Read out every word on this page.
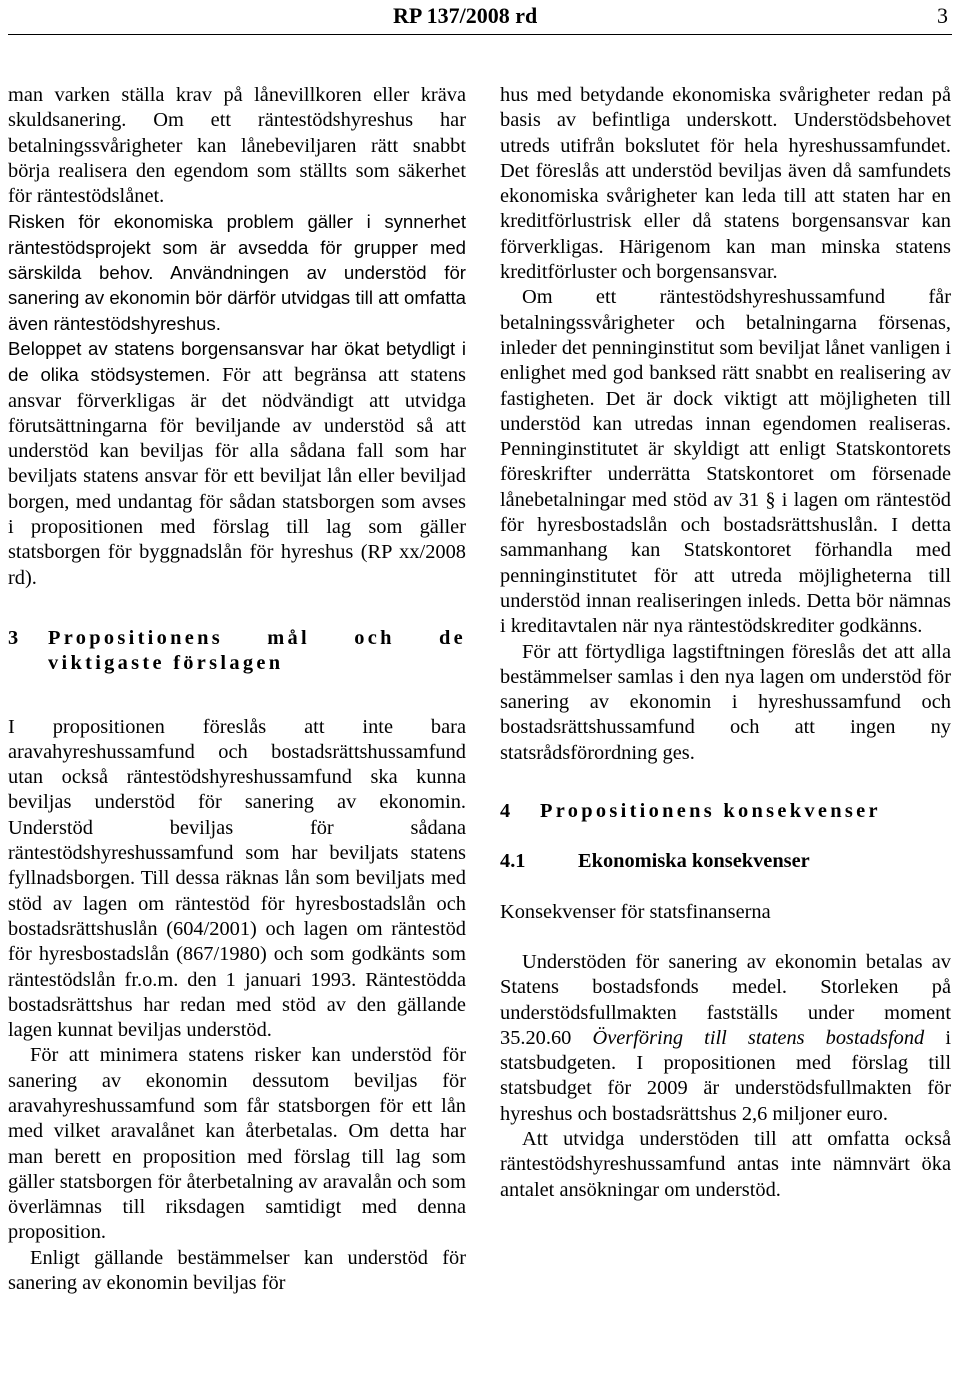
RP 137/2008 rd	3

man varken ställa krav på lånevillkoren eller kräva skuldsanering. Om ett räntestödshyreshus har betalningssvårigheter kan lånebeviljaren rätt snabbt börja realisera den egendom som ställts som säkerhet för räntestödslånet.

Risken för ekonomiska problem gäller i synnerhet räntestödsprojekt som är avsedda för grupper med särskilda behov. Användningen av understöd för sanering av ekonomin bör därför utvidgas till att omfatta även räntestödshyreshus.

Beloppet av statens borgensansvar har ökat betydligt i de olika stödsystemen. För att begränsa att statens ansvar förverkligas är det nödvändigt att utvidga förutsättningarna för beviljande av understöd så att understöd kan beviljas för alla sådana fall som har beviljats statens ansvar för ett beviljat lån eller beviljad borgen, med undantag för sådan statsborgen som avses i propositionen med förslag till lag som gäller statsborgen för byggnadslån för hyreshus (RP xx/2008 rd).

3 Propositionens mål och de viktigaste förslagen

I propositionen föreslås att inte bara aravahyreshussamfund och bostadsrättshussamfund utan också räntestödshyreshussamfund ska kunna beviljas understöd för sanering av ekonomin. Understöd beviljas för sådana räntestödshyreshussamfund som har beviljats statens fyllnadsborgen. Till dessa räknas lån som beviljats med stöd av lagen om räntestöd för hyresbostadslån och bostadsrättshuslån (604/2001) och lagen om räntestöd för hyresbostadslån (867/1980) och som godkänts som räntestödslån fr.o.m. den 1 januari 1993. Räntestödda bostadsrättshus har redan med stöd av den gällande lagen kunnat beviljas understöd.

För att minimera statens risker kan understöd för sanering av ekonomin dessutom beviljas för aravahyreshussamfund som får statsborgen för ett lån med vilket aravalånet kan återbetalas. Om detta har man berett en proposition med förslag till lag som gäller statsborgen för återbetalning av aravalån och som överlämnas till riksdagen samtidigt med denna proposition.

Enligt gällande bestämmelser kan understöd för sanering av ekonomin beviljas för

hus med betydande ekonomiska svårigheter redan på basis av befintliga underskott. Understödsbehovet utreds utifrån bokslutet för hela hyreshussamfundet. Det föreslås att understöd beviljas även då samfundets ekonomiska svårigheter kan leda till att staten har en kreditförlustrisk eller då statens borgensansvar kan förverkligas. Härigenom kan man minska statens kreditförluster och borgensansvar.

Om ett räntestödshyreshussamfund får betalningssvårigheter och betalningarna försenas, inleder det penninginstitut som beviljat lånet vanligen i enlighet med god banksed rätt snabbt en realisering av fastigheten. Det är dock viktigt att möjligheten till understöd kan utredas innan egendomen realiseras. Penninginstitutet är skyldigt att enligt Statskontorets föreskrifter underrätta Statskontoret om försenade lånebetalningar med stöd av 31 § i lagen om räntestöd för hyresbostadslån och bostadsrättshuslån. I detta sammanhang kan Statskontoret förhandla med penninginstitutet för att utreda möjligheterna till understöd innan realiseringen inleds. Detta bör nämnas i kreditavtalen när nya räntestödskrediter godkänns.

För att förtydliga lagstiftningen föreslås det att alla bestämmelser samlas i den nya lagen om understöd för sanering av ekonomin i hyreshussamfund och bostadsrättshussamfund och att ingen ny statsrådsförordning ges.

4 Propositionens konsekvenser

4.1	Ekonomiska konsekvenser

Konsekvenser för statsfinanserna

Understöden för sanering av ekonomin betalas av Statens bostadsfonds medel. Storleken på understödsfullmakten fastställs under moment 35.20.60 Överföring till statens bostadsfond i statsbudgeten. I propositionen med förslag till statsbudget för 2009 är understödsfullmakten för hyreshus och bostadsrättshus 2,6 miljoner euro.

Att utvidga understöden till att omfatta också räntestödshyreshussamfund antas inte nämnvärt öka antalet ansökningar om understöd.
